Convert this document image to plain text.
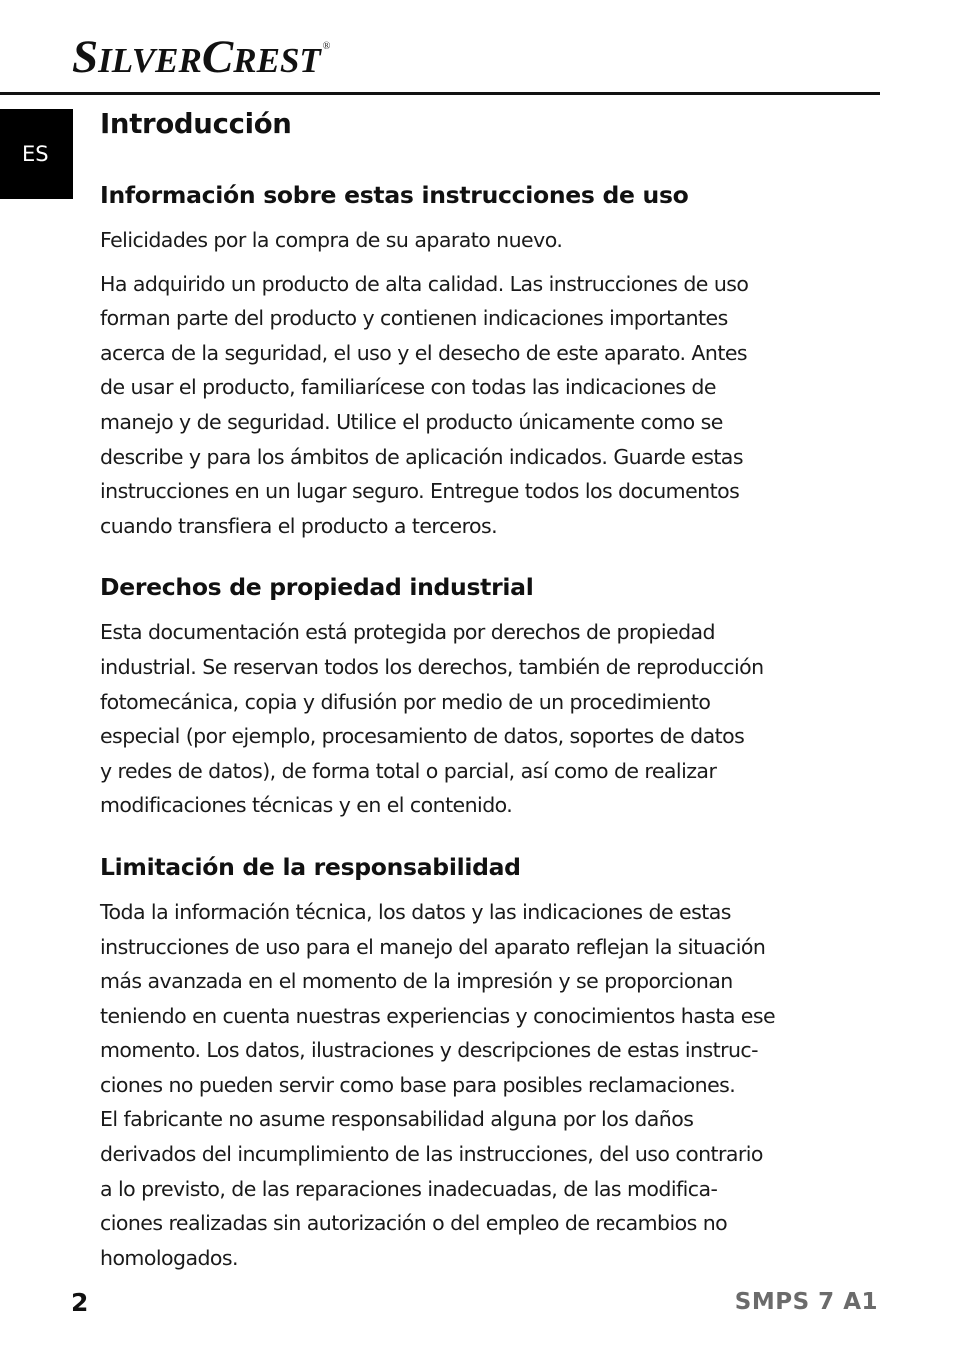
SILVERCREST ®
ES
Introducción
Información sobre estas instrucciones de uso

Felicidades por la compra de su aparato nuevo.

Ha adquirido un producto de alta calidad. Las instrucciones de uso
forman parte del producto y contienen indicaciones importantes
acerca de la seguridad, el uso y el desecho de este aparato. Antes
de usar el producto, familiarícese con todas las indicaciones de
manejo y de seguridad. Utilice el producto únicamente como se
describe y para los ámbitos de aplicación indicados. Guarde estas
instrucciones en un lugar seguro. Entregue todos los documentos
cuando transfiera el producto a terceros.

Derechos de propiedad industrial

Esta documentación está protegida por derechos de propiedad
industrial. Se reservan todos los derechos, también de reproducción
fotomecánica, copia y difusión por medio de un procedimiento
especial (por ejemplo, procesamiento de datos, soportes de datos
y redes de datos), de forma total o parcial, así como de realizar
modificaciones técnicas y en el contenido.

Limitación de la responsabilidad

Toda la información técnica, los datos y las indicaciones de estas
instrucciones de uso para el manejo del aparato reflejan la situación
más avanzada en el momento de la impresión y se proporcionan
teniendo en cuenta nuestras experiencias y conocimientos hasta ese
momento. Los datos, ilustraciones y descripciones de estas instruc-
ciones no pueden servir como base para posibles reclamaciones.
El fabricante no asume responsabilidad alguna por los daños
derivados del incumplimiento de las instrucciones, del uso contrario
a lo previsto, de las reparaciones inadecuadas, de las modifica-
ciones realizadas sin autorización o del empleo de recambios no
homologados.

2	SMPS 7 A1
